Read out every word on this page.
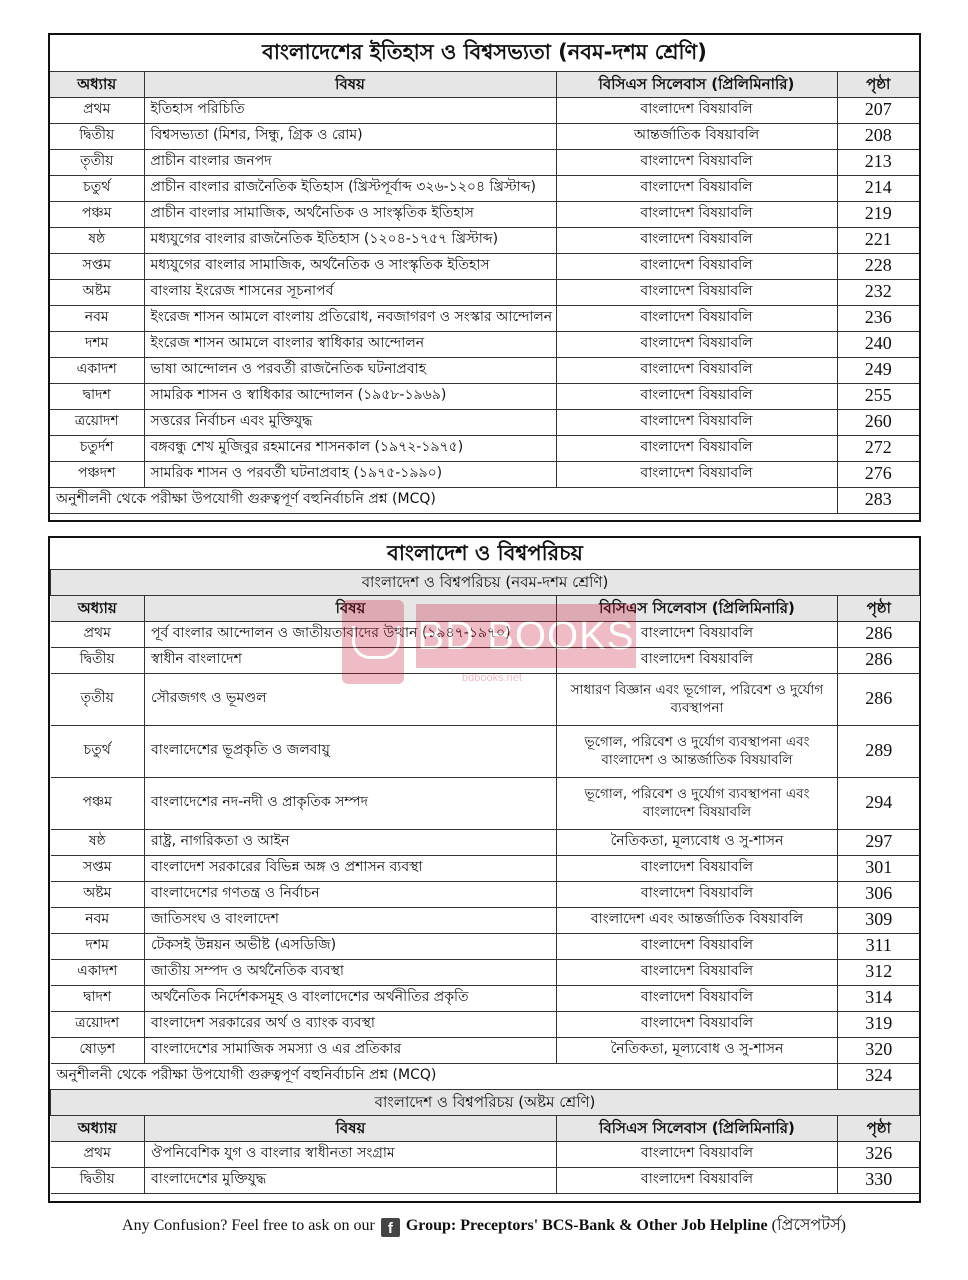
বাংলাদেশের ইতিহাস ও বিশ্বসভ্যতা (নবম-দশম শ্রেণি)			
অধ্যায়	বিষয়	বিসিএস সিলেবাস (প্রিলিমিনারি)	পৃষ্ঠা
প্রথম	ইতিহাস পরিচিতি	বাংলাদেশ বিষয়াবলি	207
দ্বিতীয়	বিশ্বসভ্যতা (মিশর, সিন্ধু, গ্রিক ও রোম)	আন্তর্জাতিক বিষয়াবলি	208
তৃতীয়	প্রাচীন বাংলার জনপদ	বাংলাদেশ বিষয়াবলি	213
চতুর্থ	প্রাচীন বাংলার রাজনৈতিক ইতিহাস (খ্রিস্টপূর্বাব্দ ৩২৬-১২০৪ খ্রিস্টাব্দ)	বাংলাদেশ বিষয়াবলি	214
পঞ্চম	প্রাচীন বাংলার সামাজিক, অর্থনৈতিক ও সাংস্কৃতিক ইতিহাস	বাংলাদেশ বিষয়াবলি	219
ষষ্ঠ	মধ্যযুগের বাংলার রাজনৈতিক ইতিহাস (১২০৪-১৭৫৭ খ্রিস্টাব্দ)	বাংলাদেশ বিষয়াবলি	221
সপ্তম	মধ্যযুগের বাংলার সামাজিক, অর্থনৈতিক ও সাংস্কৃতিক ইতিহাস	বাংলাদেশ বিষয়াবলি	228
অষ্টম	বাংলায় ইংরেজ শাসনের সূচনাপর্ব	বাংলাদেশ বিষয়াবলি	232
নবম	ইংরেজ শাসন আমলে বাংলায় প্রতিরোধ, নবজাগরণ ও সংস্কার আন্দোলন	বাংলাদেশ বিষয়াবলি	236
দশম	ইংরেজ শাসন আমলে বাংলার স্বাধিকার আন্দোলন	বাংলাদেশ বিষয়াবলি	240
একাদশ	ভাষা আন্দোলন ও পরবর্তী রাজনৈতিক ঘটনাপ্রবাহ	বাংলাদেশ বিষয়াবলি	249
দ্বাদশ	সামরিক শাসন ও স্বাধিকার আন্দোলন (১৯৫৮-১৯৬৯)	বাংলাদেশ বিষয়াবলি	255
ত্রয়োদশ	সত্তরের নির্বাচন এবং মুক্তিযুদ্ধ	বাংলাদেশ বিষয়াবলি	260
চতুর্দশ	বঙ্গবন্ধু শেখ মুজিবুর রহমানের শাসনকাল (১৯৭২-১৯৭৫)	বাংলাদেশ বিষয়াবলি	272
পঞ্চদশ	সামরিক শাসন ও পরবর্তী ঘটনাপ্রবাহ (১৯৭৫-১৯৯০)	বাংলাদেশ বিষয়াবলি	276
অনুশীলনী থেকে পরীক্ষা উপযোগী গুরুত্বপূর্ণ বহুনির্বাচনি প্রশ্ন (MCQ)			283
বাংলাদেশ ও বিশ্বপরিচয়			
বাংলাদেশ ও বিশ্বপরিচয় (নবম-দশম শ্রেণি)			
অধ্যায়	বিষয়	বিসিএস সিলেবাস (প্রিলিমিনারি)	পৃষ্ঠা
প্রথম	পূর্ব বাংলার আন্দোলন ও জাতীয়তাবাদের উত্থান (১৯৪৭-১৯৭০)	বাংলাদেশ বিষয়াবলি	286
দ্বিতীয়	স্বাধীন বাংলাদেশ	বাংলাদেশ বিষয়াবলি	286
তৃতীয়	সৌরজগৎ ও ভূমণ্ডল	সাধারণ বিজ্ঞান এবং ভূগোল, পরিবেশ ও দুর্যোগ ব্যবস্থাপনা	286
চতুর্থ	বাংলাদেশের ভূপ্রকৃতি ও জলবায়ু	ভূগোল, পরিবেশ ও দুর্যোগ ব্যবস্থাপনা এবং বাংলাদেশ ও আন্তর্জাতিক বিষয়াবলি	289
পঞ্চম	বাংলাদেশের নদ-নদী ও প্রাকৃতিক সম্পদ	ভূগোল, পরিবেশ ও দুর্যোগ ব্যবস্থাপনা এবং বাংলাদেশ বিষয়াবলি	294
ষষ্ঠ	রাষ্ট্র, নাগরিকতা ও আইন	নৈতিকতা, মূল্যবোধ ও সু-শাসন	297
সপ্তম	বাংলাদেশ সরকারের বিভিন্ন অঙ্গ ও প্রশাসন ব্যবস্থা	বাংলাদেশ বিষয়াবলি	301
অষ্টম	বাংলাদেশের গণতন্ত্র ও নির্বাচন	বাংলাদেশ বিষয়াবলি	306
নবম	জাতিসংঘ ও বাংলাদেশ	বাংলাদেশ এবং আন্তর্জাতিক বিষয়াবলি	309
দশম	টেকসই উন্নয়ন অভীষ্ট (এসডিজি)	বাংলাদেশ বিষয়াবলি	311
একাদশ	জাতীয় সম্পদ ও অর্থনৈতিক ব্যবস্থা	বাংলাদেশ বিষয়াবলি	312
দ্বাদশ	অর্থনৈতিক নির্দেশকসমূহ ও বাংলাদেশের অর্থনীতির প্রকৃতি	বাংলাদেশ বিষয়াবলি	314
ত্রয়োদশ	বাংলাদেশ সরকারের অর্থ ও ব্যাংক ব্যবস্থা	বাংলাদেশ বিষয়াবলি	319
ষোড়শ	বাংলাদেশের সামাজিক সমস্যা ও এর প্রতিকার	নৈতিকতা, মূল্যবোধ ও সু-শাসন	320
অনুশীলনী থেকে পরীক্ষা উপযোগী গুরুত্বপূর্ণ বহুনির্বাচনি প্রশ্ন (MCQ)			324
বাংলাদেশ ও বিশ্বপরিচয় (অষ্টম শ্রেণি)			
অধ্যায়	বিষয়	বিসিএস সিলেবাস (প্রিলিমিনারি)	পৃষ্ঠা
প্রথম	ঔপনিবেশিক যুগ ও বাংলার স্বাধীনতা সংগ্রাম	বাংলাদেশ বিষয়াবলি	326
দ্বিতীয়	বাংলাদেশের মুক্তিযুদ্ধ	বাংলাদেশ বিষয়াবলি	330
BD BOOKS
bdbooks.net
Any Confusion? Feel free to ask on our f Group: Preceptors' BCS-Bank & Other Job Helpline (প্রিসেপটর্স)
